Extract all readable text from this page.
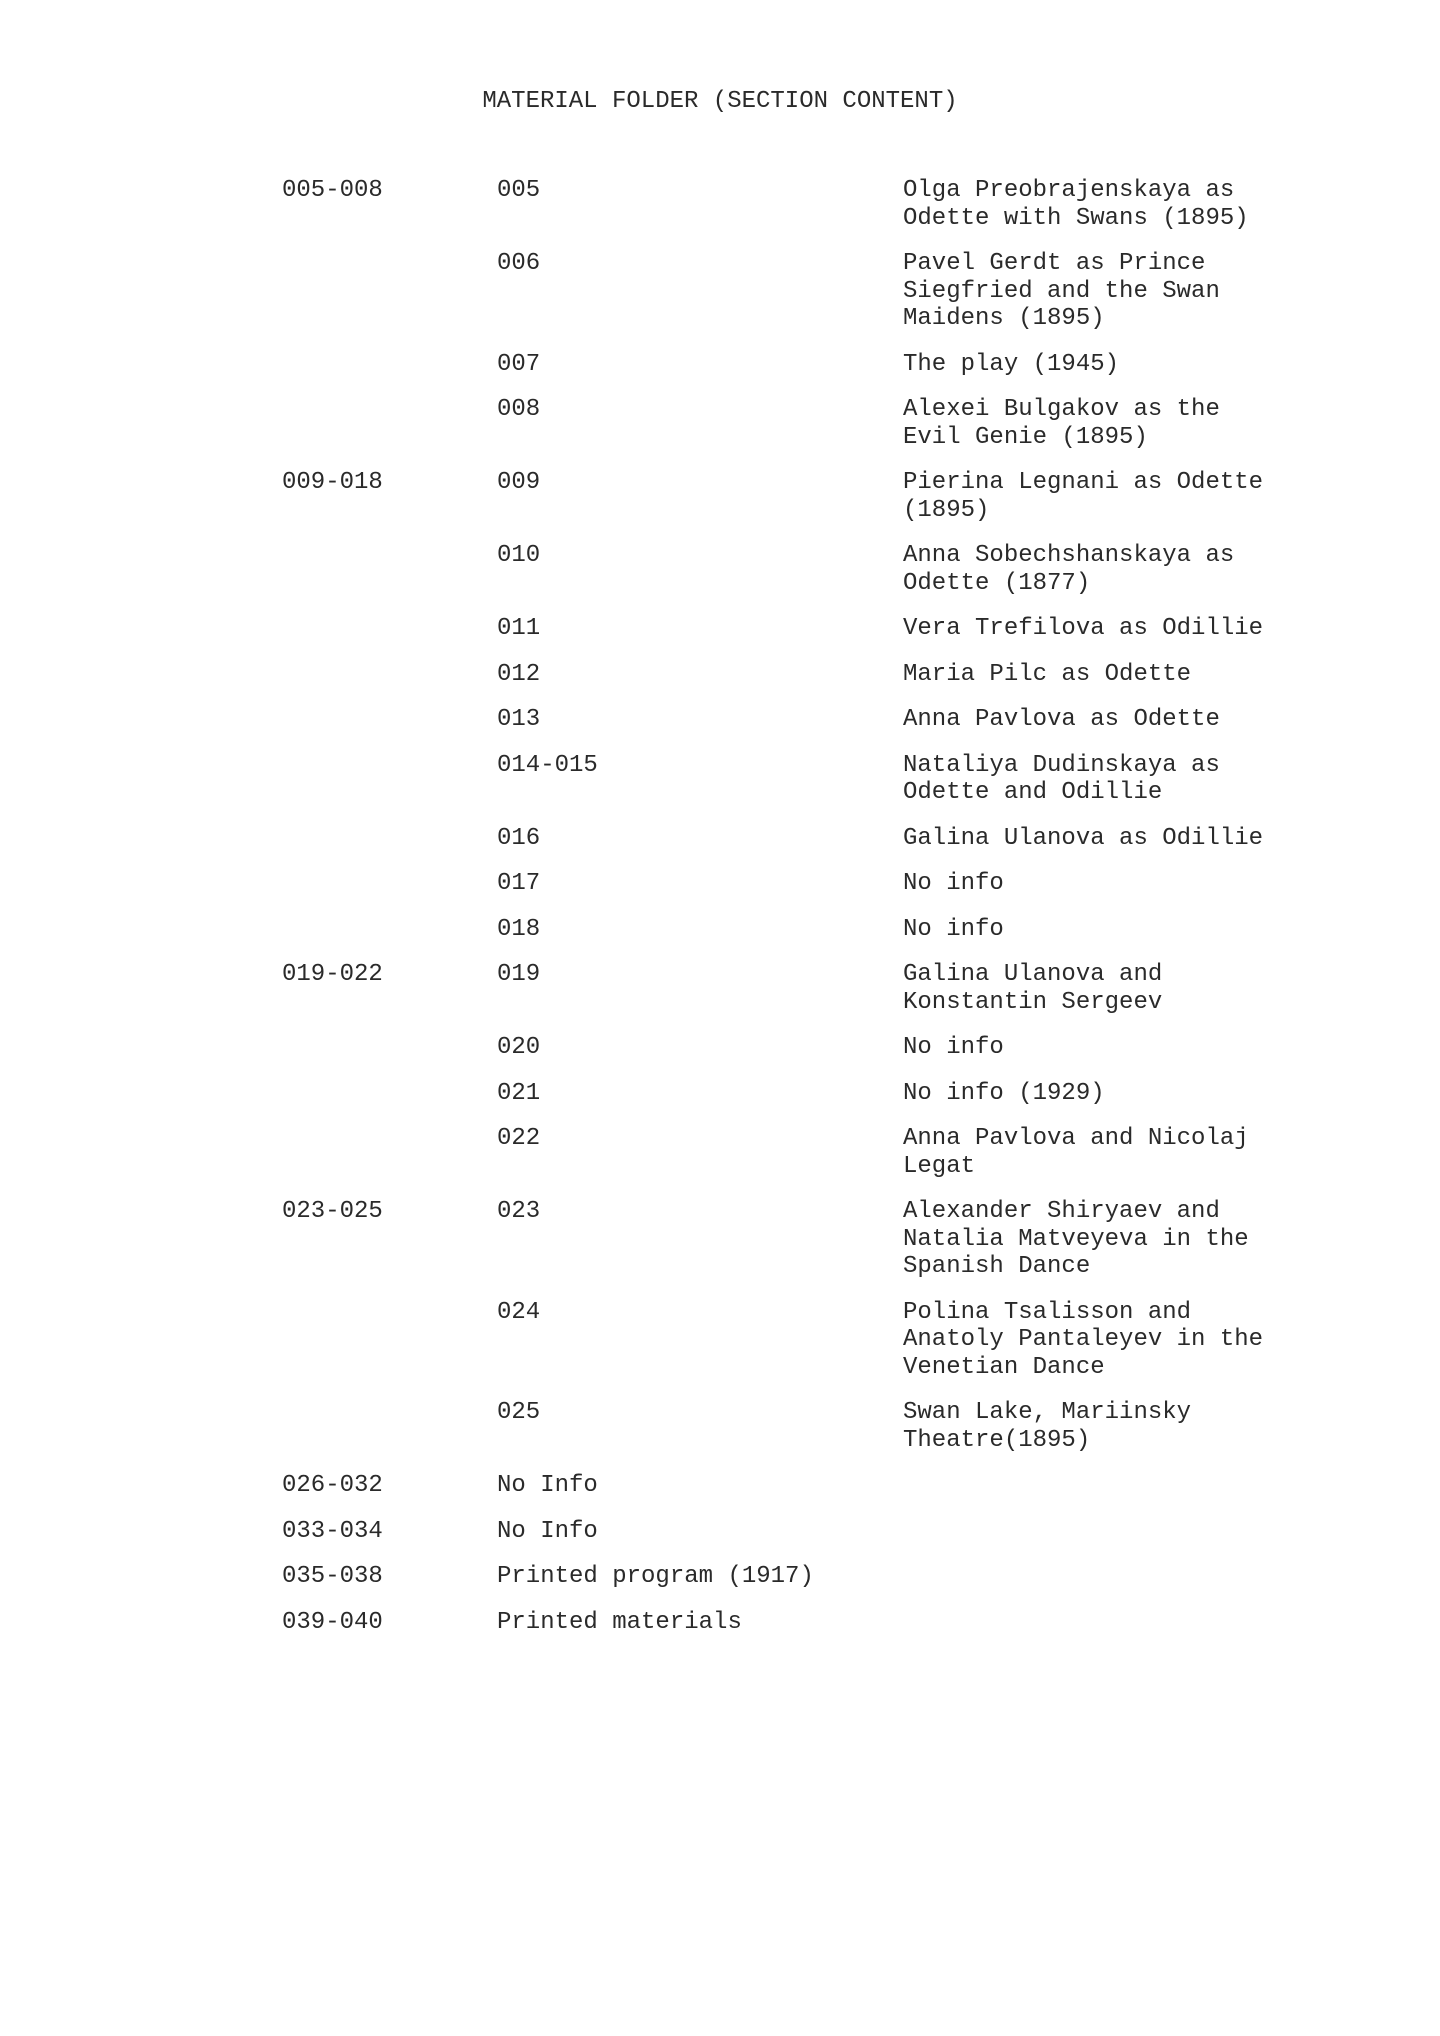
MATERIAL FOLDER (SECTION CONTENT)
005-008	005	Olga Preobrajenskaya as
Odette with Swans (1895)
006	Pavel Gerdt as Prince
Siegfried and the Swan
Maidens (1895)
007	The play (1945)
008	Alexei Bulgakov as the
Evil Genie (1895)
009-018	009	Pierina Legnani as Odette
(1895)
010	Anna Sobechshanskaya as
Odette (1877)
011	Vera Trefilova as Odillie
012	Maria Pilc as Odette
013	Anna Pavlova as Odette
014-015	Nataliya Dudinskaya as
Odette and Odillie
016	Galina Ulanova as Odillie
017	No info
018	No info
019-022	019	Galina Ulanova and
Konstantin Sergeev
020	No info
021	No info (1929)
022	Anna Pavlova and Nicolaj
Legat
023-025	023	Alexander Shiryaev and
Natalia Matveyeva in the
Spanish Dance
024	Polina Tsalisson and
Anatoly Pantaleyev in the
Venetian Dance
025	Swan Lake, Mariinsky
Theatre(1895)
026-032	No Info
033-034	No Info
035-038	Printed program (1917)
039-040	Printed materials
